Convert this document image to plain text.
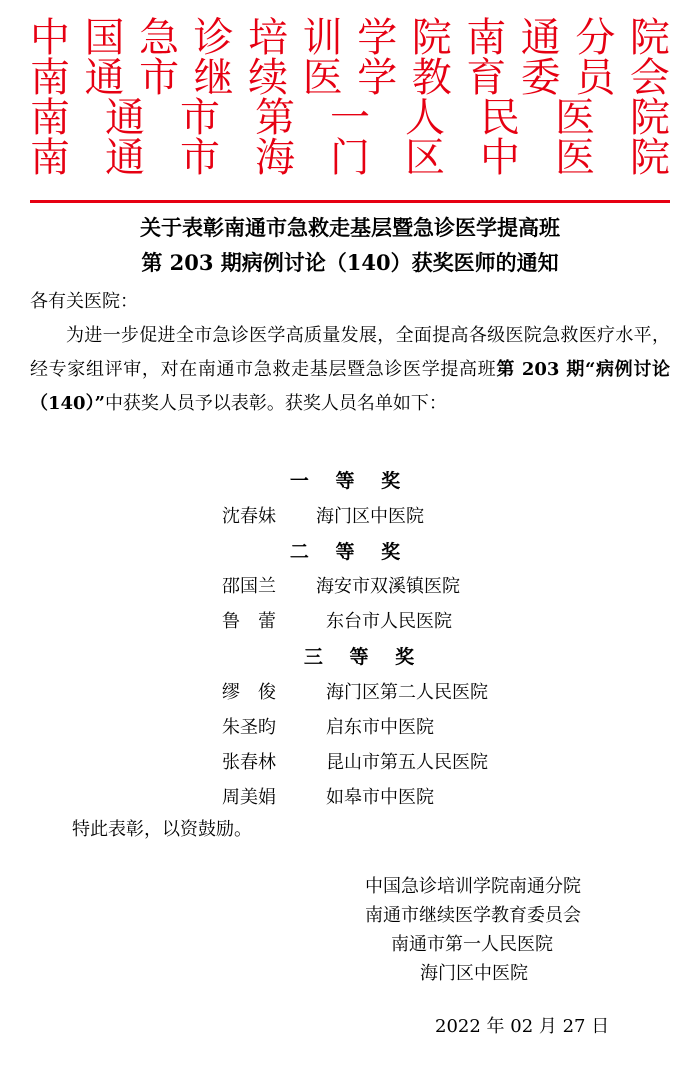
中 国 急 诊 培 训 学 院 南 通 分 院
南 通 市 继 续 医 学 教 育 委 员 会
南 通 市 第 一 人 民 医 院
南 通 市 海 门 区 中 医 院
关于表彰南通市急救走基层暨急诊医学提高班
第 203 期病例讨论（140）获奖医师的通知
各有关医院：
为进一步促进全市急诊医学高质量发展，全面提高各级医院急救医疗水平，经专家组评审，对在南通市急救走基层暨急诊医学提高班第 203 期“病例讨论（140）”中获奖人员予以表彰。获奖人员名单如下：
一 等 奖
沈春妹 海门区中医院
二 等 奖
邵国兰 海安市双溪镇医院
鲁　蕾	东台市人民医院
三 等 奖
缪　俊	海门区第二人民医院
朱圣昀	启东市中医院
张春林	昆山市第五人民医院
周美娟	如皋市中医院
特此表彰，以资鼓励。
中国急诊培训学院南通分院
南通市继续医学教育委员会
南通市第一人民医院
海门区中医院
2022 年 02 月 27 日
